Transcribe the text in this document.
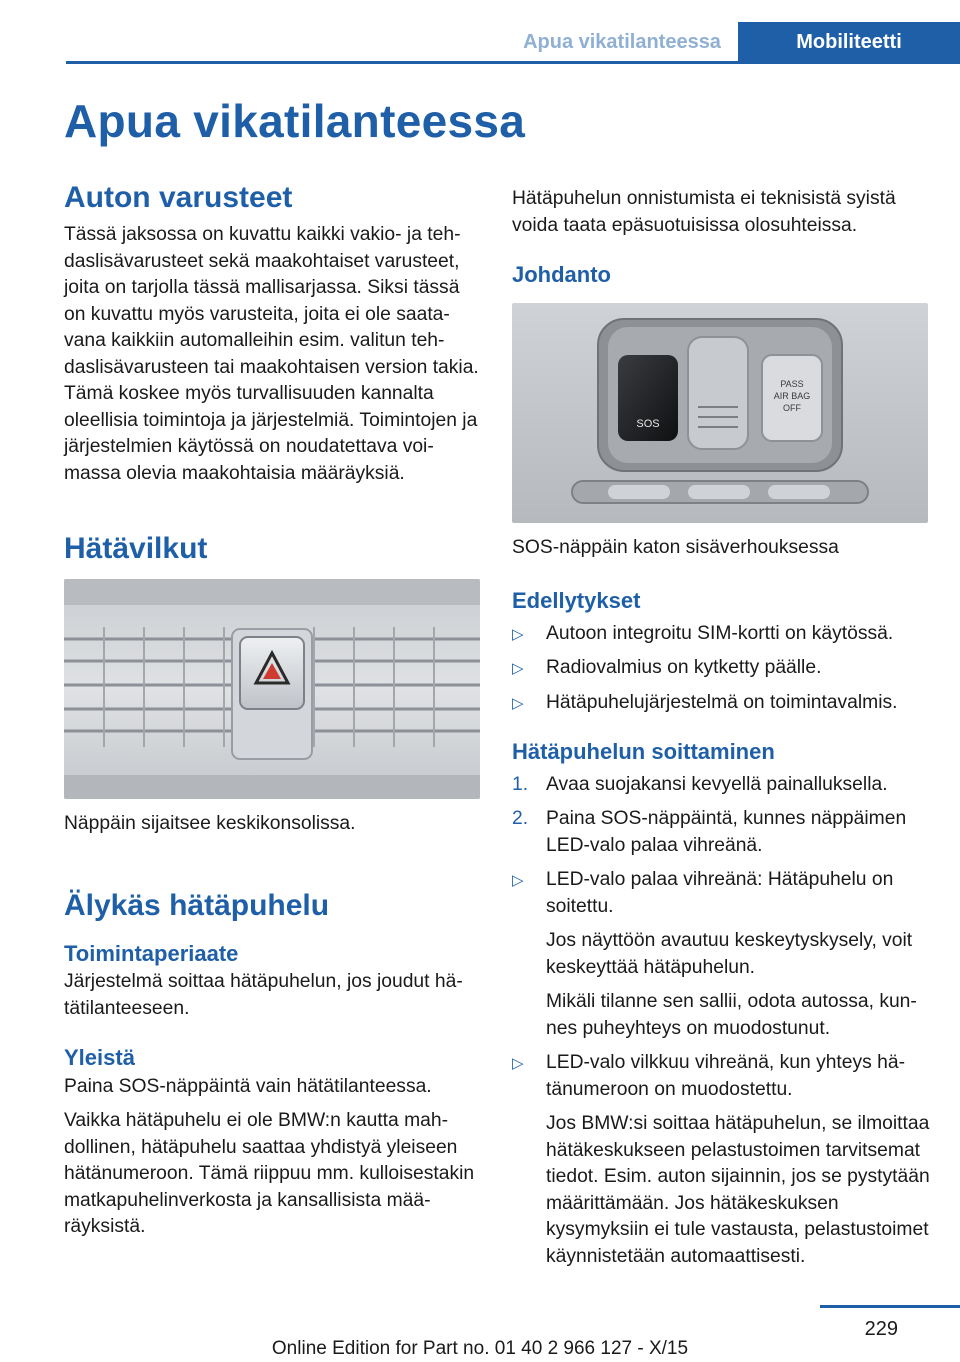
Apua vikatilanteessa	Mobiliteetti
Apua vikatilanteessa
Auton varusteet

Tässä jaksossa on kuvattu kaikki vakio- ja tehdaslisävarusteet sekä maakohtaiset varusteet, joita on tarjolla tässä mallisarjassa. Siksi tässä on kuvattu myös varusteita, joita ei ole saatavana kaikkiin automalleihin esim. valitun tehdaslisävarusteen tai maakohtaisen version takia. Tämä koskee myös turvallisuuden kannalta oleellisia toimintoja ja järjestelmiä. Toimintojen ja järjestelmien käytössä on noudatettava voimassa olevia maakohtaisia määräyksiä.

Hätävilkut

Näppäin sijaitsee keskikonsolissa.

Älykäs hätäpuhelu
Toimintaperiaate

Järjestelmä soittaa hätäpuhelun, jos joudut hätätilanteeseen.

Yleistä

Paina SOS-näppäintä vain hätätilanteessa.

Vaikka hätäpuhelu ei ole BMW:n kautta mahdollinen, hätäpuhelu saattaa yhdistyä yleiseen hätänumeroon. Tämä riippuu mm. kulloisestakin matkapuhelinverkosta ja kansallisista määräyksistä.

Hätäpuhelun onnistumista ei teknisistä syistä voida taata epäsuotuisissa olosuhteissa.

Johdanto
SOS
PASS
AIR BAG
OFF

SOS-näppäin katon sisäverhouksessa

Edellytykset
▷ Autoon integroitu SIM-kortti on käytössä.
▷ Radiovalmius on kytketty päälle.
▷ Hätäpuhelujärjestelmä on toimintavalmis.
Hätäpuhelun soittaminen
1. Avaa suojakansi kevyellä painalluksella.
2. Paina SOS-näppäintä, kunnes näppäimen LED-valo palaa vihreänä.
▷ LED-valo palaa vihreänä: Hätäpuhelu on soitettu.
Jos näyttöön avautuu keskeytyskysely, voit keskeyttää hätäpuhelun.
Mikäli tilanne sen sallii, odota autossa, kunnes puheyhteys on muodostunut.
▷ LED-valo vilkkuu vihreänä, kun yhteys hätänumeroon on muodostettu.
Jos BMW:si soittaa hätäpuhelun, se ilmoittaa hätäkeskukseen pelastustoimen tarvitsemat tiedot. Esim. auton sijainnin, jos se pystytään määrittämään. Jos hätäkeskuksen kysymyksiin ei tule vastausta, pelastustoimet käynnistetään automaattisesti.
229
Online Edition for Part no. 01 40 2 966 127 - X/15
